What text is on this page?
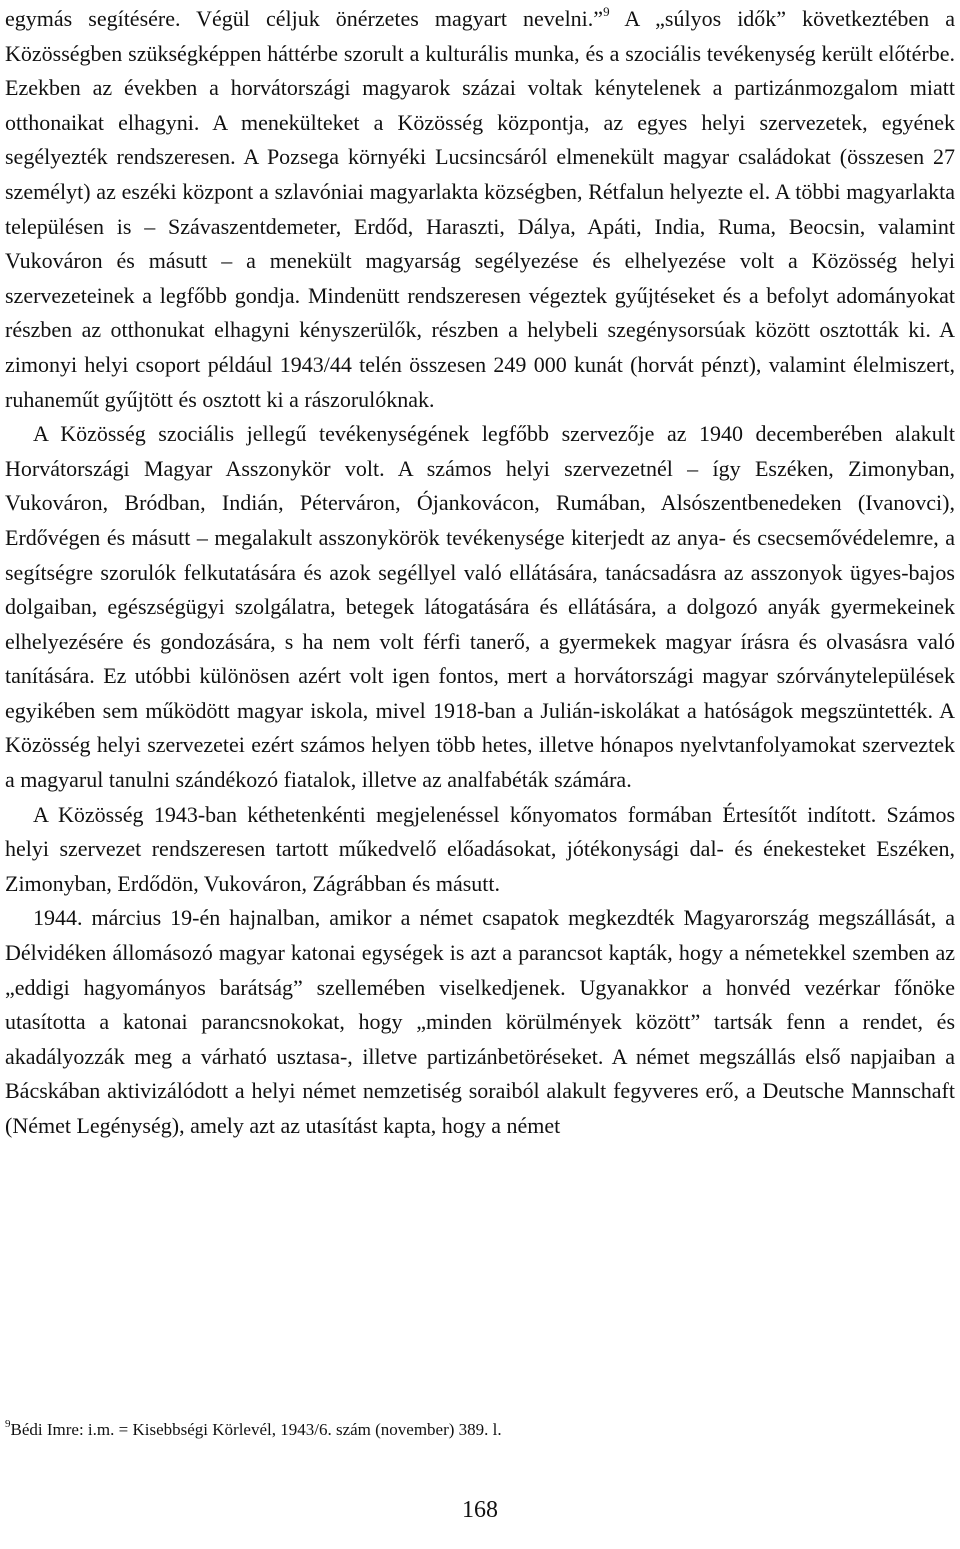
egymás segítésére. Végül céljuk önérzetes magyart nevelni.”$^9$ A „súlyos idők” következtében a Közösségben szükségképpen háttérbe szorult a kulturális munka, és a szociális tevékenység került előtérbe. Ezekben az években a horvátországi magyarok százai voltak kénytelenek a partizánmozgalom miatt otthonaikat elhagyni. A menekülteket a Közösség központja, az egyes helyi szervezetek, egyének segélyezték rendszeresen. A Pozsega környéki Lucsincsáról elmenekült magyar családokat (összesen 27 személyt) az eszéki központ a szlavóniai magyarlakta községben, Rétfalun helyezte el. A többi magyarlakta településen is – Szávaszentdemeter, Erdőd, Haraszti, Dálya, Apáti, India, Ruma, Beocsin, valamint Vukováron és másutt – a menekült magyarság segélyezése és elhelyezése volt a Közösség helyi szervezeteinek a legfőbb gondja. Mindenütt rendszeresen végeztek gyűjtéseket és a befolyt adományokat részben az otthonukat elhagyni kényszerülők, részben a helybeli szegénysorsúak között osztották ki. A zimonyi helyi csoport például 1943/44 telén összesen 249 000 kunát (horvát pénzt), valamint élelmiszert, ruhaneműt gyűjtött és osztott ki a rászorulóknak.

A Közösség szociális jellegű tevékenységének legfőbb szervezője az 1940 decemberében alakult Horvátországi Magyar Asszonykör volt. A számos helyi szervezetnél – így Eszéken, Zimonyban, Vukováron, Bródban, Indián, Péterváron, Ójankovácon, Rumában, Alsószentbenedeken (Ivanovci), Erdővégen és másutt – megalakult asszonykörök tevékenysége kiterjedt az anya- és csecsemővédelemre, a segítségre szorulók felkutatására és azok segéllyel való ellátására, tanácsadásra az asszonyok ügyes-bajos dolgaiban, egészségügyi szolgálatra, betegek látogatására és ellátására, a dolgozó anyák gyermekeinek elhelyezésére és gondozására, s ha nem volt férfi tanerő, a gyermekek magyar írásra és olvasásra való tanítására. Ez utóbbi különösen azért volt igen fontos, mert a horvátországi magyar szórványtelepülések egyikében sem működött magyar iskola, mivel 1918-ban a Julián-iskolákat a hatóságok megszüntették. A Közösség helyi szervezetei ezért számos helyen több hetes, illetve hónapos nyelvtanfolyamokat szerveztek a magyarul tanulni szándékozó fiatalok, illetve az analfabéták számára.

A Közösség 1943-ban kéthetenkénti megjelenéssel kőnyomatos formában Értesítőt indított. Számos helyi szervezet rendszeresen tartott műkedvelő előadásokat, jótékonysági dal- és énekesteket Eszéken, Zimonyban, Erdődön, Vukováron, Zágrábban és másutt.

1944. március 19-én hajnalban, amikor a német csapatok megkezdték Magyarország megszállását, a Délvidéken állomásozó magyar katonai egységek is azt a parancsot kapták, hogy a németekkel szemben az „eddigi hagyományos barátság” szellemében viselkedjenek. Ugyanakkor a honvéd vezérkar főnöke utasította a katonai parancsnokokat, hogy „minden körülmények között” tartsák fenn a rendet, és akadályozzák meg a várható usztasa-, illetve partizánbetöréseket. A német megszállás első napjaiban a Bácskában aktivizálódott a helyi német nemzetiség soraiból alakult fegyveres erő, a Deutsche Mannschaft (Német Legénység), amely azt az utasítást kapta, hogy a német

$^9$Bédi Imre: i.m. = Kisebbségi Körlevél, 1943/6. szám (november) 389. l.
168
